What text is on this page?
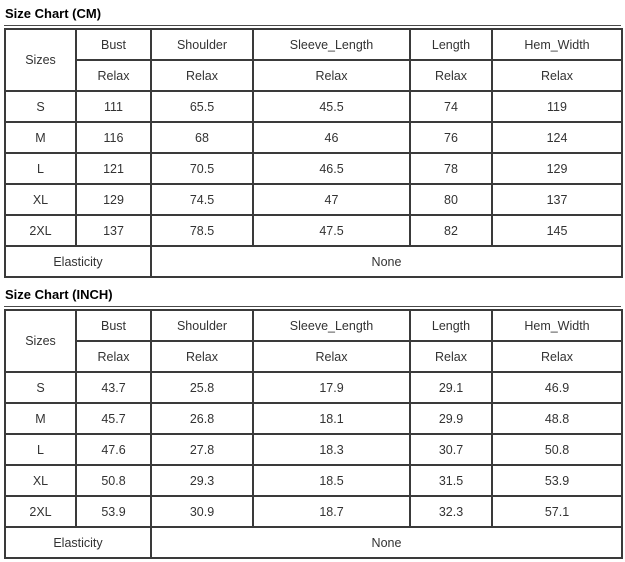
Size Chart (CM)
Sizes	Bust	Shoulder	Sleeve_Length	Length	Hem_Width
	Relax	Relax	Relax	Relax	Relax
S	111	65.5	45.5	74	119
M	116	68	46	76	124
L	121	70.5	46.5	78	129
XL	129	74.5	47	80	137
2XL	137	78.5	47.5	82	145
Elasticity		None			
Size Chart (INCH)
Sizes	Bust	Shoulder	Sleeve_Length	Length	Hem_Width
	Relax	Relax	Relax	Relax	Relax
S	43.7	25.8	17.9	29.1	46.9
M	45.7	26.8	18.1	29.9	48.8
L	47.6	27.8	18.3	30.7	50.8
XL	50.8	29.3	18.5	31.5	53.9
2XL	53.9	30.9	18.7	32.3	57.1
Elasticity		None			
